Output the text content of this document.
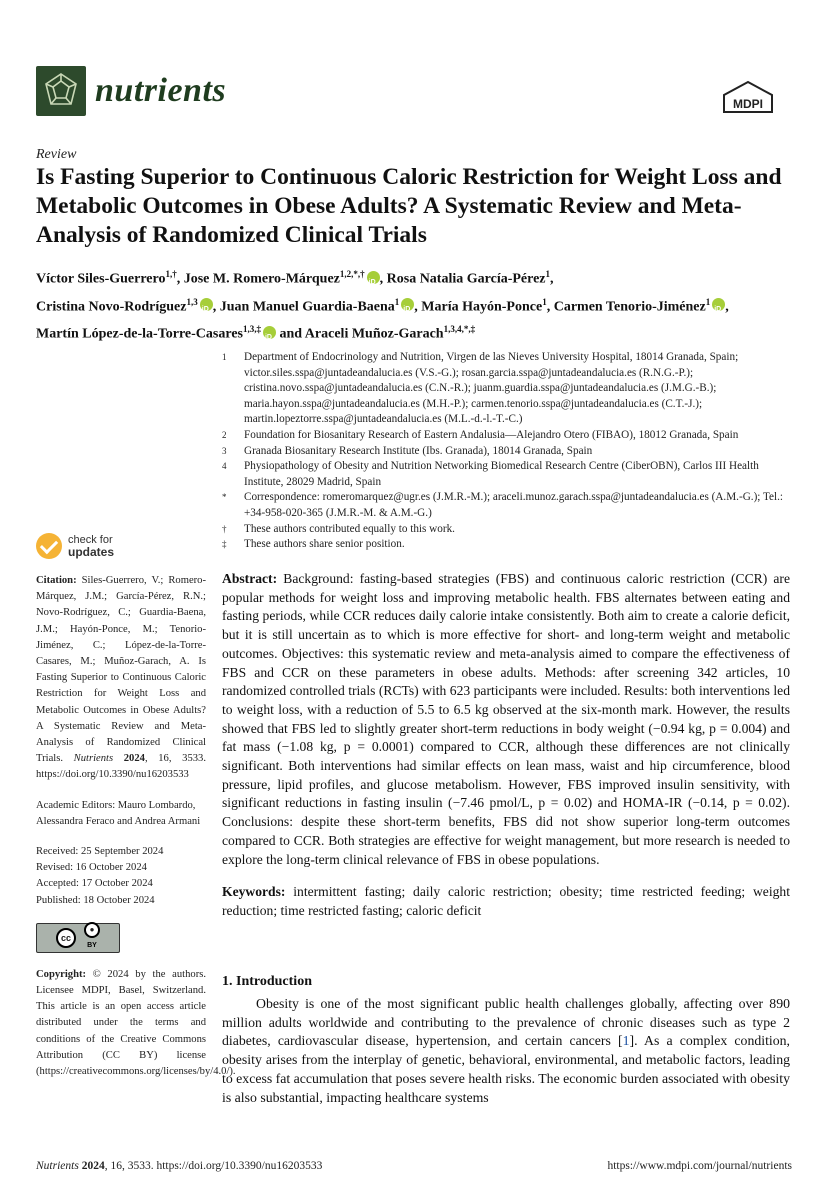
nutrients	MDPI
Review
Is Fasting Superior to Continuous Caloric Restriction for Weight Loss and Metabolic Outcomes in Obese Adults? A Systematic Review and Meta-Analysis of Randomized Clinical Trials
Víctor Siles-Guerrero$^{1,\dagger}$, Jose M. Romero-Márquez$^{1,2,*,\dagger}$ iD , Rosa Natalia García-Pérez$^1$,
Cristina Novo-Rodríguez$^{1,3}$ iD , Juan Manuel Guardia-Baena$^1$ iD , María Hayón-Ponce$^1$, Carmen Tenorio-Jiménez$^1$iD ,
Martín López-de-la-Torre-Casares$^{1,3,\ddagger}$iD and Araceli Muñoz-Garach$^{1,3,4,*,\ddagger}$
1	Department of Endocrinology and Nutrition, Virgen de las Nieves University Hospital, 18014 Granada, Spain; victor.siles.sspa@juntadeandalucia.es (V.S.-G.); rosan.garcia.sspa@juntadeandalucia.es (R.N.G.-P.); cristina.novo.sspa@juntadeandalucia.es (C.N.-R.); juanm.guardia.sspa@juntadeandalucia.es (J.M.G.-B.); maria.hayon.sspa@juntadeandalucia.es (M.H.-P.); carmen.tenorio.sspa@juntadeandalucia.es (C.T.-J.); martin.lopeztorre.sspa@juntadeandalucia.es (M.L.-d.-l.-T.-C.)
2	Foundation for Biosanitary Research of Eastern Andalusia—Alejandro Otero (FIBAO), 18012 Granada, Spain
3	Granada Biosanitary Research Institute (Ibs. Granada), 18014 Granada, Spain
4	Physiopathology of Obesity and Nutrition Networking Biomedical Research Centre (CiberOBN), Carlos III Health Institute, 28029 Madrid, Spain
*	Correspondence: romeromarquez@ugr.es (J.M.R.-M.); araceli.munoz.garach.sspa@juntadeandalucia.es (A.M.-G.); Tel.: +34-958-020-365 (J.M.R.-M. & A.M.-G.)
†	These authors contributed equally to this work.
‡	These authors share senior position.
check for
updates
Citation: Siles-Guerrero, V.; Romero-Márquez, J.M.; García-Pérez, R.N.; Novo-Rodríguez, C.; Guardia-Baena, J.M.; Hayón-Ponce, M.; Tenorio-Jiménez, C.; López-de-la-Torre-Casares, M.; Muñoz-Garach, A. Is Fasting Superior to Continuous Caloric Restriction for Weight Loss and Metabolic Outcomes in Obese Adults? A Systematic Review and Meta-Analysis of Randomized Clinical Trials. Nutrients 2024, 16, 3533. https://doi.org/10.3390/nu16203533
Academic Editors: Mauro Lombardo, Alessandra Feraco and Andrea Armani
Received: 25 September 2024
Revised: 16 October 2024
Accepted: 17 October 2024
Published: 18 October 2024
cc
●
BY
Copyright: © 2024 by the authors. Licensee MDPI, Basel, Switzerland. This article is an open access article distributed under the terms and conditions of the Creative Commons Attribution (CC BY) license (https://creativecommons.org/licenses/by/4.0/).

Abstract: Background: fasting-based strategies (FBS) and continuous caloric restriction (CCR) are popular methods for weight loss and improving metabolic health. FBS alternates between eating and fasting periods, while CCR reduces daily calorie intake consistently. Both aim to create a calorie deficit, but it is still uncertain as to which is more effective for short- and long-term weight and metabolic outcomes. Objectives: this systematic review and meta-analysis aimed to compare the effectiveness of FBS and CCR on these parameters in obese adults. Methods: after screening 342 articles, 10 randomized controlled trials (RCTs) with 623 participants were included. Results: both interventions led to weight loss, with a reduction of 5.5 to 6.5 kg observed at the six-month mark. However, the results showed that FBS led to slightly greater short-term reductions in body weight (−0.94 kg, p = 0.004) and fat mass (−1.08 kg, p = 0.0001) compared to CCR, although these differences are not clinically significant. Both interventions had similar effects on lean mass, waist and hip circumference, blood pressure, lipid profiles, and glucose metabolism. However, FBS improved insulin sensitivity, with significant reductions in fasting insulin (−7.46 pmol/L, p = 0.02) and HOMA-IR (−0.14, p = 0.02). Conclusions: despite these short-term benefits, FBS did not show superior long-term outcomes compared to CCR. Both strategies are effective for weight management, but more research is needed to explore the long-term clinical relevance of FBS in obese populations.

Keywords: intermittent fasting; daily caloric restriction; obesity; time restricted feeding; weight reduction; time restricted fasting; caloric deficit

1. Introduction

Obesity is one of the most significant public health challenges globally, affecting over 890 million adults worldwide and contributing to the prevalence of chronic diseases such as type 2 diabetes, cardiovascular disease, hypertension, and certain cancers [1]. As a complex condition, obesity arises from the interplay of genetic, behavioral, environmental, and metabolic factors, leading to excess fat accumulation that poses severe health risks. The economic burden associated with obesity is also substantial, impacting healthcare systems

Nutrients 2024, 16, 3533. https://doi.org/10.3390/nu16203533	https://www.mdpi.com/journal/nutrients
